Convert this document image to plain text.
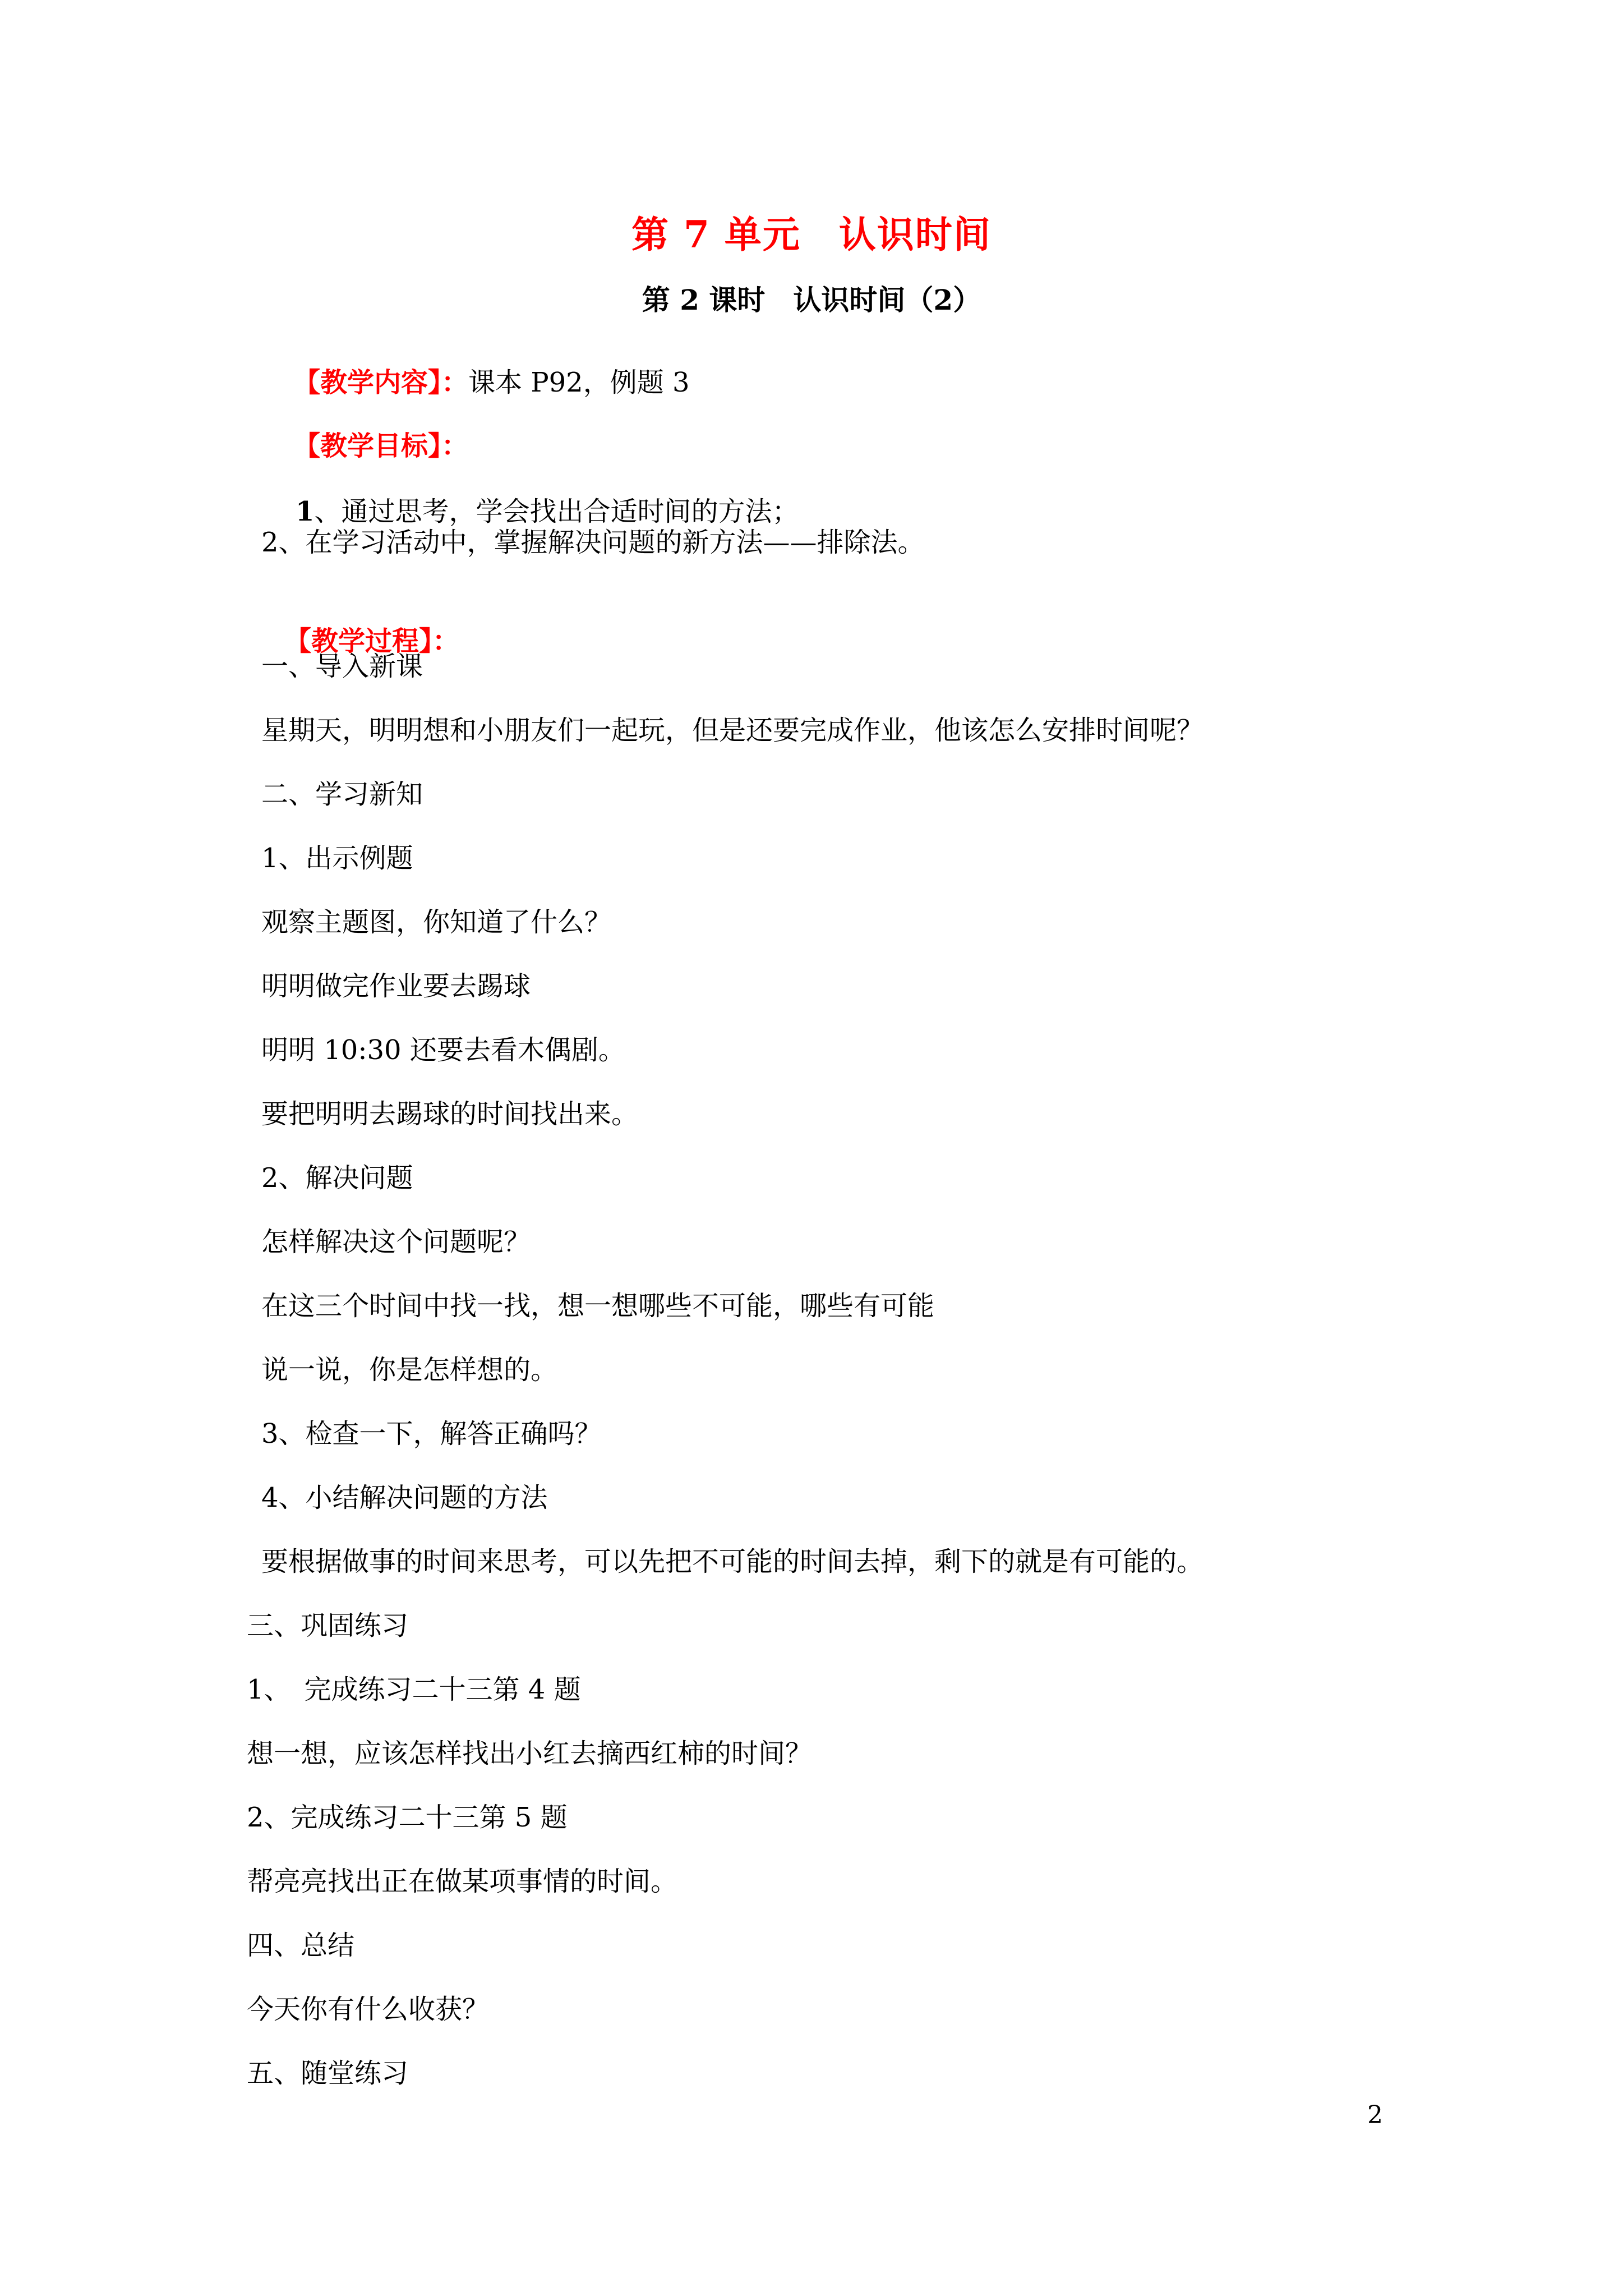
第 7 单元　认识时间
第 2 课时　认识时间（2）

【教学内容】：课本 P92，例题 3

【教学目标】：

1、通过思考，学会找出合适时间的方法；

2、在学习活动中，掌握解决问题的新方法——排除法。

【教学过程】：

一、导入新课
星期天，明明想和小朋友们一起玩，但是还要完成作业，他该怎么安排时间呢？
二、学习新知
1、出示例题
观察主题图，你知道了什么？
明明做完作业要去踢球
明明 10:30 还要去看木偶剧。
要把明明去踢球的时间找出来。
2、解决问题
怎样解决这个问题呢？
在这三个时间中找一找，想一想哪些不可能，哪些有可能
说一说，你是怎样想的。
3、检查一下，解答正确吗？
4、小结解决问题的方法
要根据做事的时间来思考，可以先把不可能的时间去掉，剩下的就是有可能的。
三、巩固练习
1、　完成练习二十三第 4 题
想一想，应该怎样找出小红去摘西红柿的时间？
2、完成练习二十三第 5 题
帮亮亮找出正在做某项事情的时间。
四、总结
今天你有什么收获？
五、随堂练习
2
